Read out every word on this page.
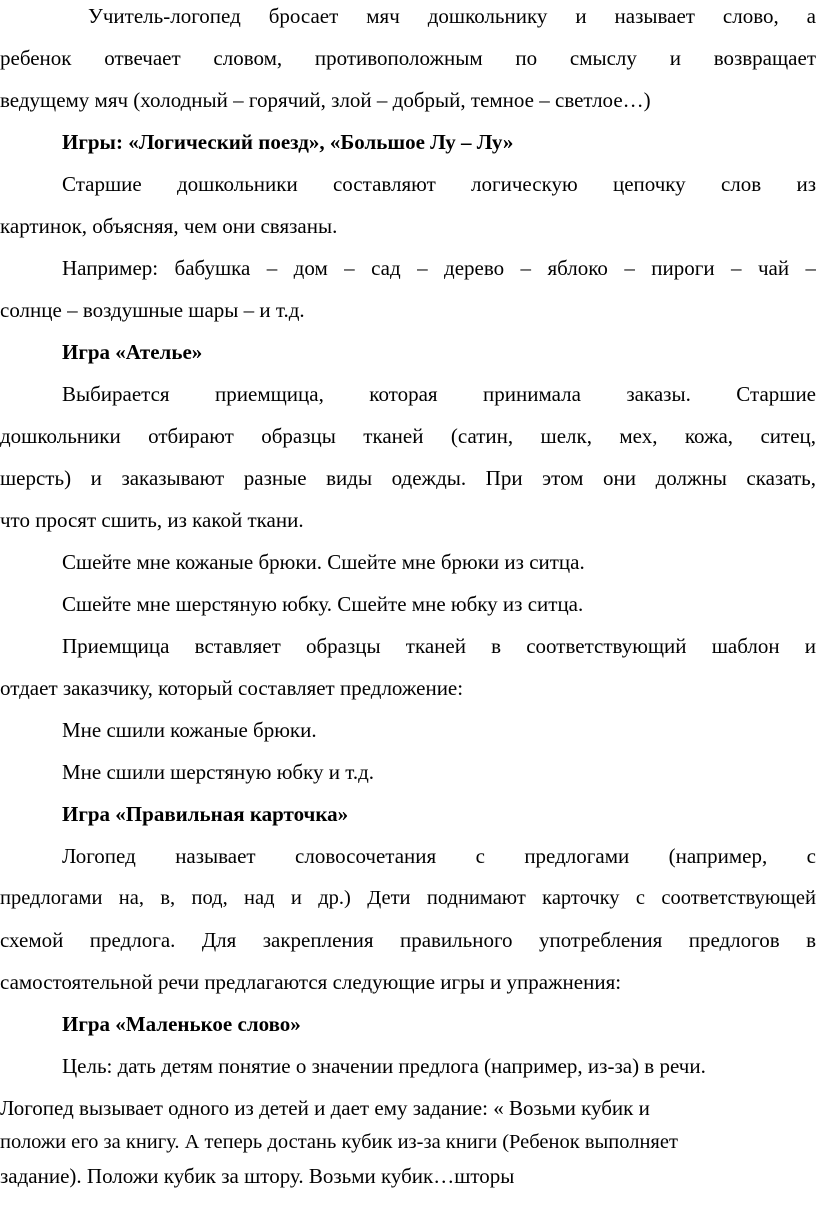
Учитель-логопед бросает мяч дошкольнику и называет слово, а
ребенок отвечает словом, противоположным по смыслу и возвращает
ведущему мяч (холодный – горячий, злой – добрый, темное – светлое…)
Игры: «Логический поезд», «Большое Лу – Лу»
Старшие дошкольники составляют логическую цепочку слов из
картинок, объясняя, чем они связаны.
Например: бабушка – дом – сад – дерево – яблоко – пироги – чай –
солнце – воздушные шары – и т.д.
Игра «Ателье»
Выбирается приемщица, которая принимала заказы. Старшие
дошкольники отбирают образцы тканей (сатин, шелк, мех, кожа, ситец,
шерсть) и заказывают разные виды одежды. При этом они должны сказать,
что просят сшить, из какой ткани.
Сшейте мне кожаные брюки. Сшейте мне брюки из ситца.
Сшейте мне шерстяную юбку. Сшейте мне юбку из ситца.
Приемщица вставляет образцы тканей в соответствующий шаблон и
отдает заказчику, который составляет предложение:
Мне сшили кожаные брюки.
Мне сшили шерстяную юбку и т.д.
Игра «Правильная карточка»
Логопед называет словосочетания с предлогами (например, с
предлогами на, в, под, над и др.) Дети поднимают карточку с соответствующей
схемой предлога. Для закрепления правильного употребления предлогов в
самостоятельной речи предлагаются следующие игры и упражнения:
Игра «Маленькое слово»
Цель: дать детям понятие о значении предлога (например, из-за) в речи.
Логопед вызывает одного из детей и дает ему задание: « Возьми кубик и
положи его за книгу. А теперь достань кубик из-за книги (Ребенок выполняет
задание). Положи кубик за штору. Возьми кубик…шторы
